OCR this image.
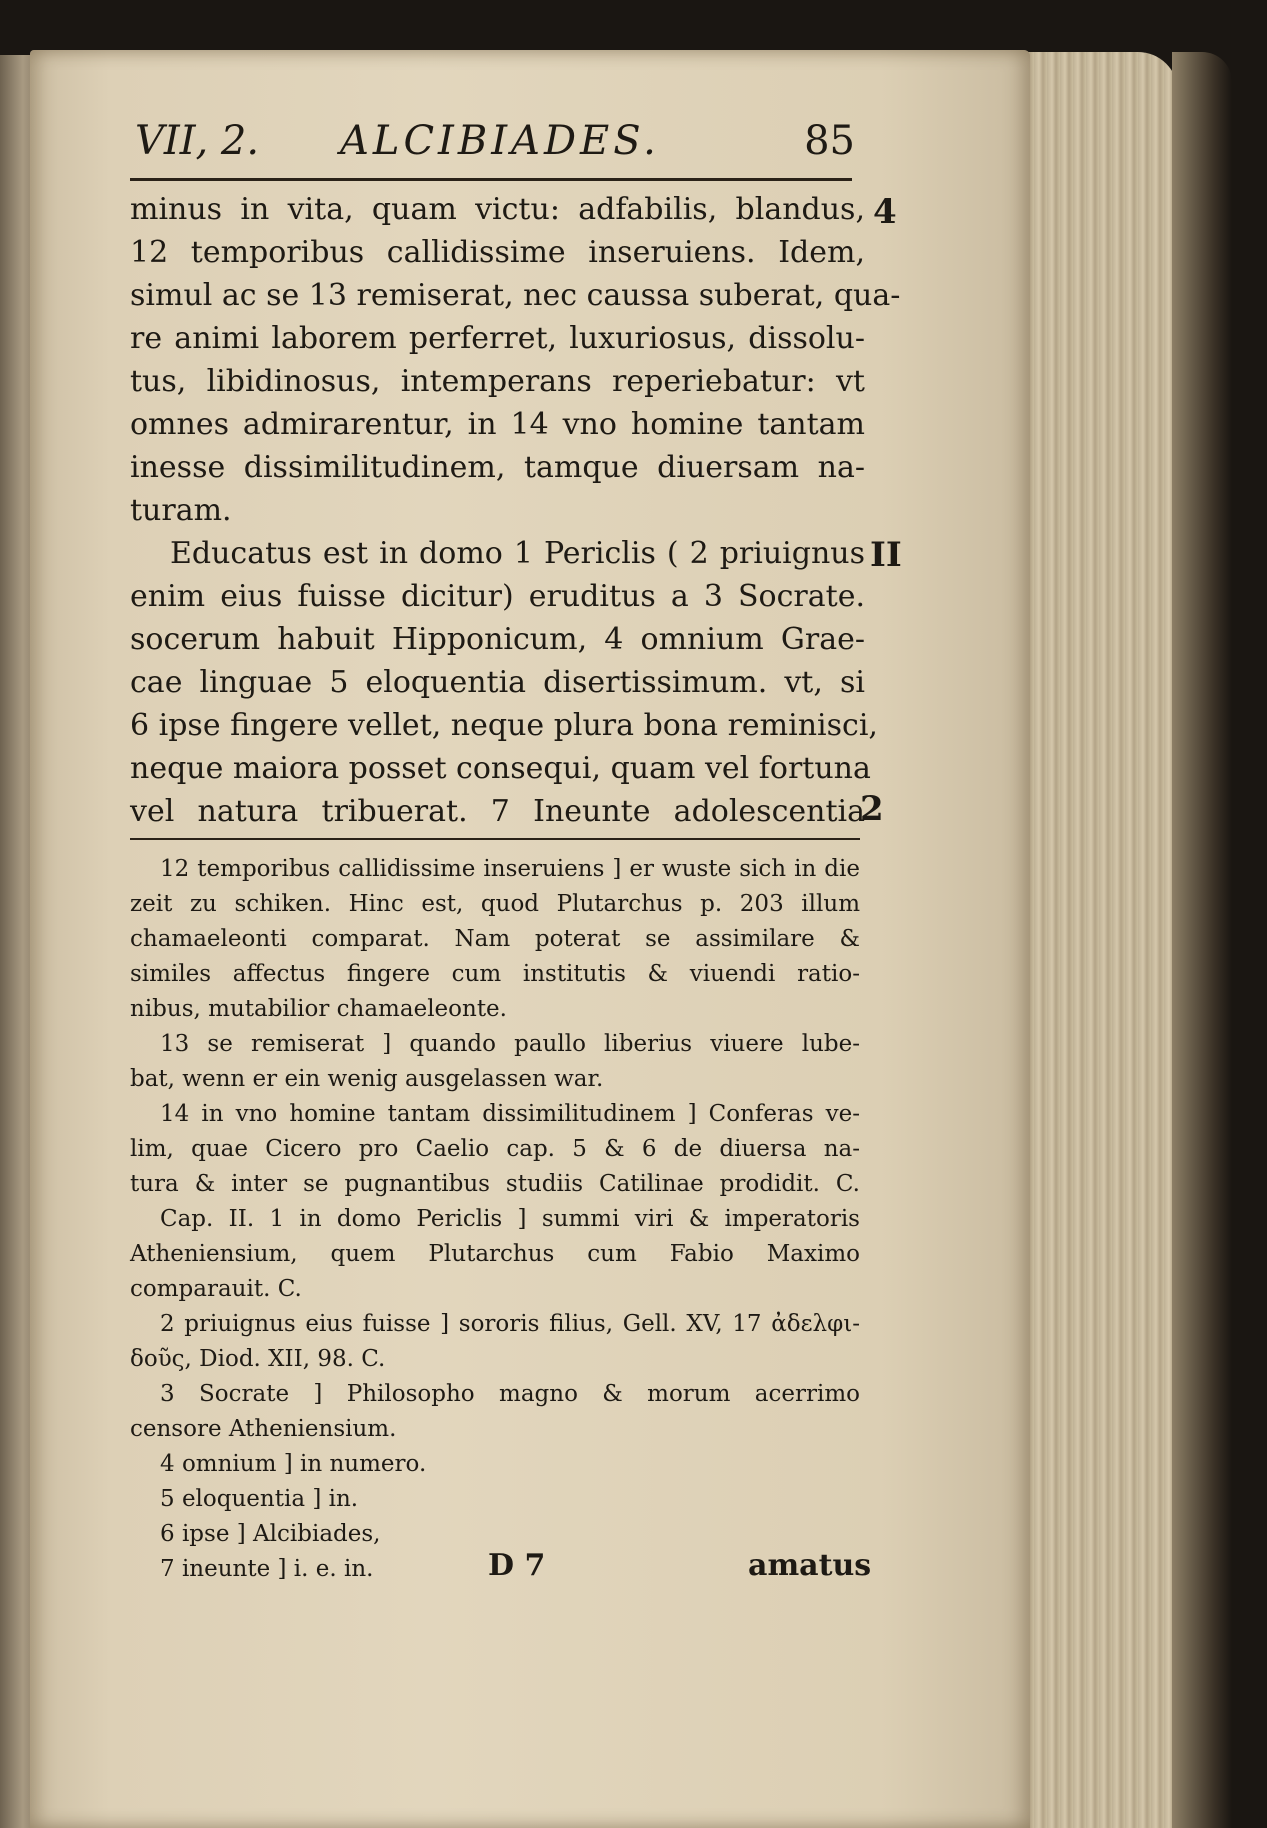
VII, 2. ALCIBIADES.	85
minus in vita, quam victu: adfabilis, blandus,
12 temporibus callidissime inseruiens. Idem,
simul ac se 13 remiserat, nec caussa suberat, qua-
re animi laborem perferret, luxuriosus, dissolu-
tus, libidinosus, intemperans reperiebatur: vt
omnes admirarentur, in 14 vno homine tantam
inesse dissimilitudinem, tamque diuersam na-
turam.
Educatus est in domo 1 Periclis ( 2 priuignus
enim eius fuisse dicitur) eruditus a 3 Socrate.
socerum habuit Hipponicum, 4 omnium Grae-
cae linguae 5 eloquentia disertissimum. vt, si
6 ipse fingere vellet, neque plura bona reminisci,
neque maiora posset consequi, quam vel fortuna
vel natura tribuerat. 7 Ineunte adolescentia
4
II
2
12 temporibus callidissime inseruiens ] er wuste sich in die
zeit zu schiken. Hinc est, quod Plutarchus p. 203 illum
chamaeleonti comparat. Nam poterat se assimilare &
similes affectus fingere cum institutis & viuendi ratio-
nibus, mutabilior chamaeleonte.
13 se remiserat ] quando paullo liberius viuere lube-
bat, wenn er ein wenig ausgelassen war.
14 in vno homine tantam dissimilitudinem ] Conferas ve-
lim, quae Cicero pro Caelio cap. 5 & 6 de diuersa na-
tura & inter se pugnantibus studiis Catilinae prodidit. C.
Cap. II. 1 in domo Periclis ] summi viri & imperatoris
Atheniensium, quem Plutarchus cum Fabio Maximo
comparauit. C.
2 priuignus eius fuisse ] sororis filius, Gell. XV, 17 ἀδελφι-
δοῦς, Diod. XII, 98. C.
3 Socrate ] Philosopho magno & morum acerrimo
censore Atheniensium.
4 omnium ] in numero.
5 eloquentia ] in.
6 ipse ] Alcibiades,
7 ineunte ] i. e. in.	D 7	amatus
